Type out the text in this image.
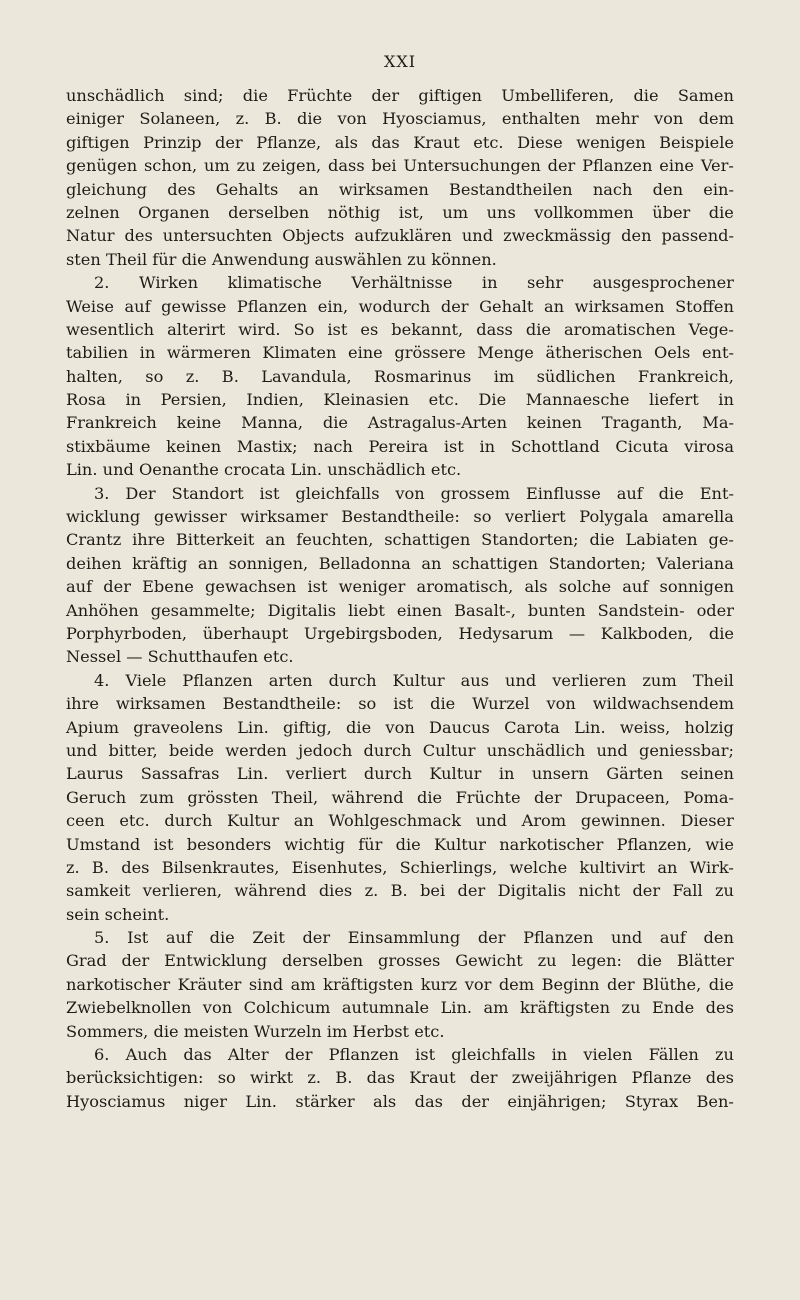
XXI
unschädlich sind; die Früchte der giftigen Umbelliferen, die Samen
einiger Solaneen, z. B. die von Hyosciamus, enthalten mehr von dem
giftigen Prinzip der Pflanze, als das Kraut etc. Diese wenigen Beispiele
genügen schon, um zu zeigen, dass bei Untersuchungen der Pflanzen eine Ver-
gleichung des Gehalts an wirksamen Bestandtheilen nach den ein-
zelnen Organen derselben nöthig ist, um uns vollkommen über die
Natur des untersuchten Objects aufzuklären und zweckmässig den passend-
sten Theil für die Anwendung auswählen zu können.
2. Wirken klimatische Verhältnisse in sehr ausgesprochener
Weise auf gewisse Pflanzen ein, wodurch der Gehalt an wirksamen Stoffen
wesentlich alterirt wird. So ist es bekannt, dass die aromatischen Vege-
tabilien in wärmeren Klimaten eine grössere Menge ätherischen Oels ent-
halten, so z. B. Lavandula, Rosmarinus im südlichen Frankreich,
Rosa in Persien, Indien, Kleinasien etc. Die Mannaesche liefert in
Frankreich keine Manna, die Astragalus-Arten keinen Traganth, Ma-
stixbäume keinen Mastix; nach Pereira ist in Schottland Cicuta virosa
Lin. und Oenanthe crocata Lin. unschädlich etc.
3. Der Standort ist gleichfalls von grossem Einflusse auf die Ent-
wicklung gewisser wirksamer Bestandtheile: so verliert Polygala amarella
Crantz ihre Bitterkeit an feuchten, schattigen Standorten; die Labiaten ge-
deihen kräftig an sonnigen, Belladonna an schattigen Standorten; Valeriana
auf der Ebene gewachsen ist weniger aromatisch, als solche auf sonnigen
Anhöhen gesammelte; Digitalis liebt einen Basalt-, bunten Sandstein- oder
Porphyrboden, überhaupt Urgebirgsboden, Hedysarum — Kalkboden, die
Nessel — Schutthaufen etc.
4. Viele Pflanzen arten durch Kultur aus und verlieren zum Theil
ihre wirksamen Bestandtheile: so ist die Wurzel von wildwachsendem
Apium graveolens Lin. giftig, die von Daucus Carota Lin. weiss, holzig
und bitter, beide werden jedoch durch Cultur unschädlich und geniessbar;
Laurus Sassafras Lin. verliert durch Kultur in unsern Gärten seinen
Geruch zum grössten Theil, während die Früchte der Drupaceen, Poma-
ceen etc. durch Kultur an Wohlgeschmack und Arom gewinnen. Dieser
Umstand ist besonders wichtig für die Kultur narkotischer Pflanzen, wie
z. B. des Bilsenkrautes, Eisenhutes, Schierlings, welche kultivirt an Wirk-
samkeit verlieren, während dies z. B. bei der Digitalis nicht der Fall zu
sein scheint.
5. Ist auf die Zeit der Einsammlung der Pflanzen und auf den
Grad der Entwicklung derselben grosses Gewicht zu legen: die Blätter
narkotischer Kräuter sind am kräftigsten kurz vor dem Beginn der Blüthe, die
Zwiebelknollen von Colchicum autumnale Lin. am kräftigsten zu Ende des
Sommers, die meisten Wurzeln im Herbst etc.
6. Auch das Alter der Pflanzen ist gleichfalls in vielen Fällen zu
berücksichtigen: so wirkt z. B. das Kraut der zweijährigen Pflanze des
Hyosciamus niger Lin. stärker als das der einjährigen; Styrax Ben-
